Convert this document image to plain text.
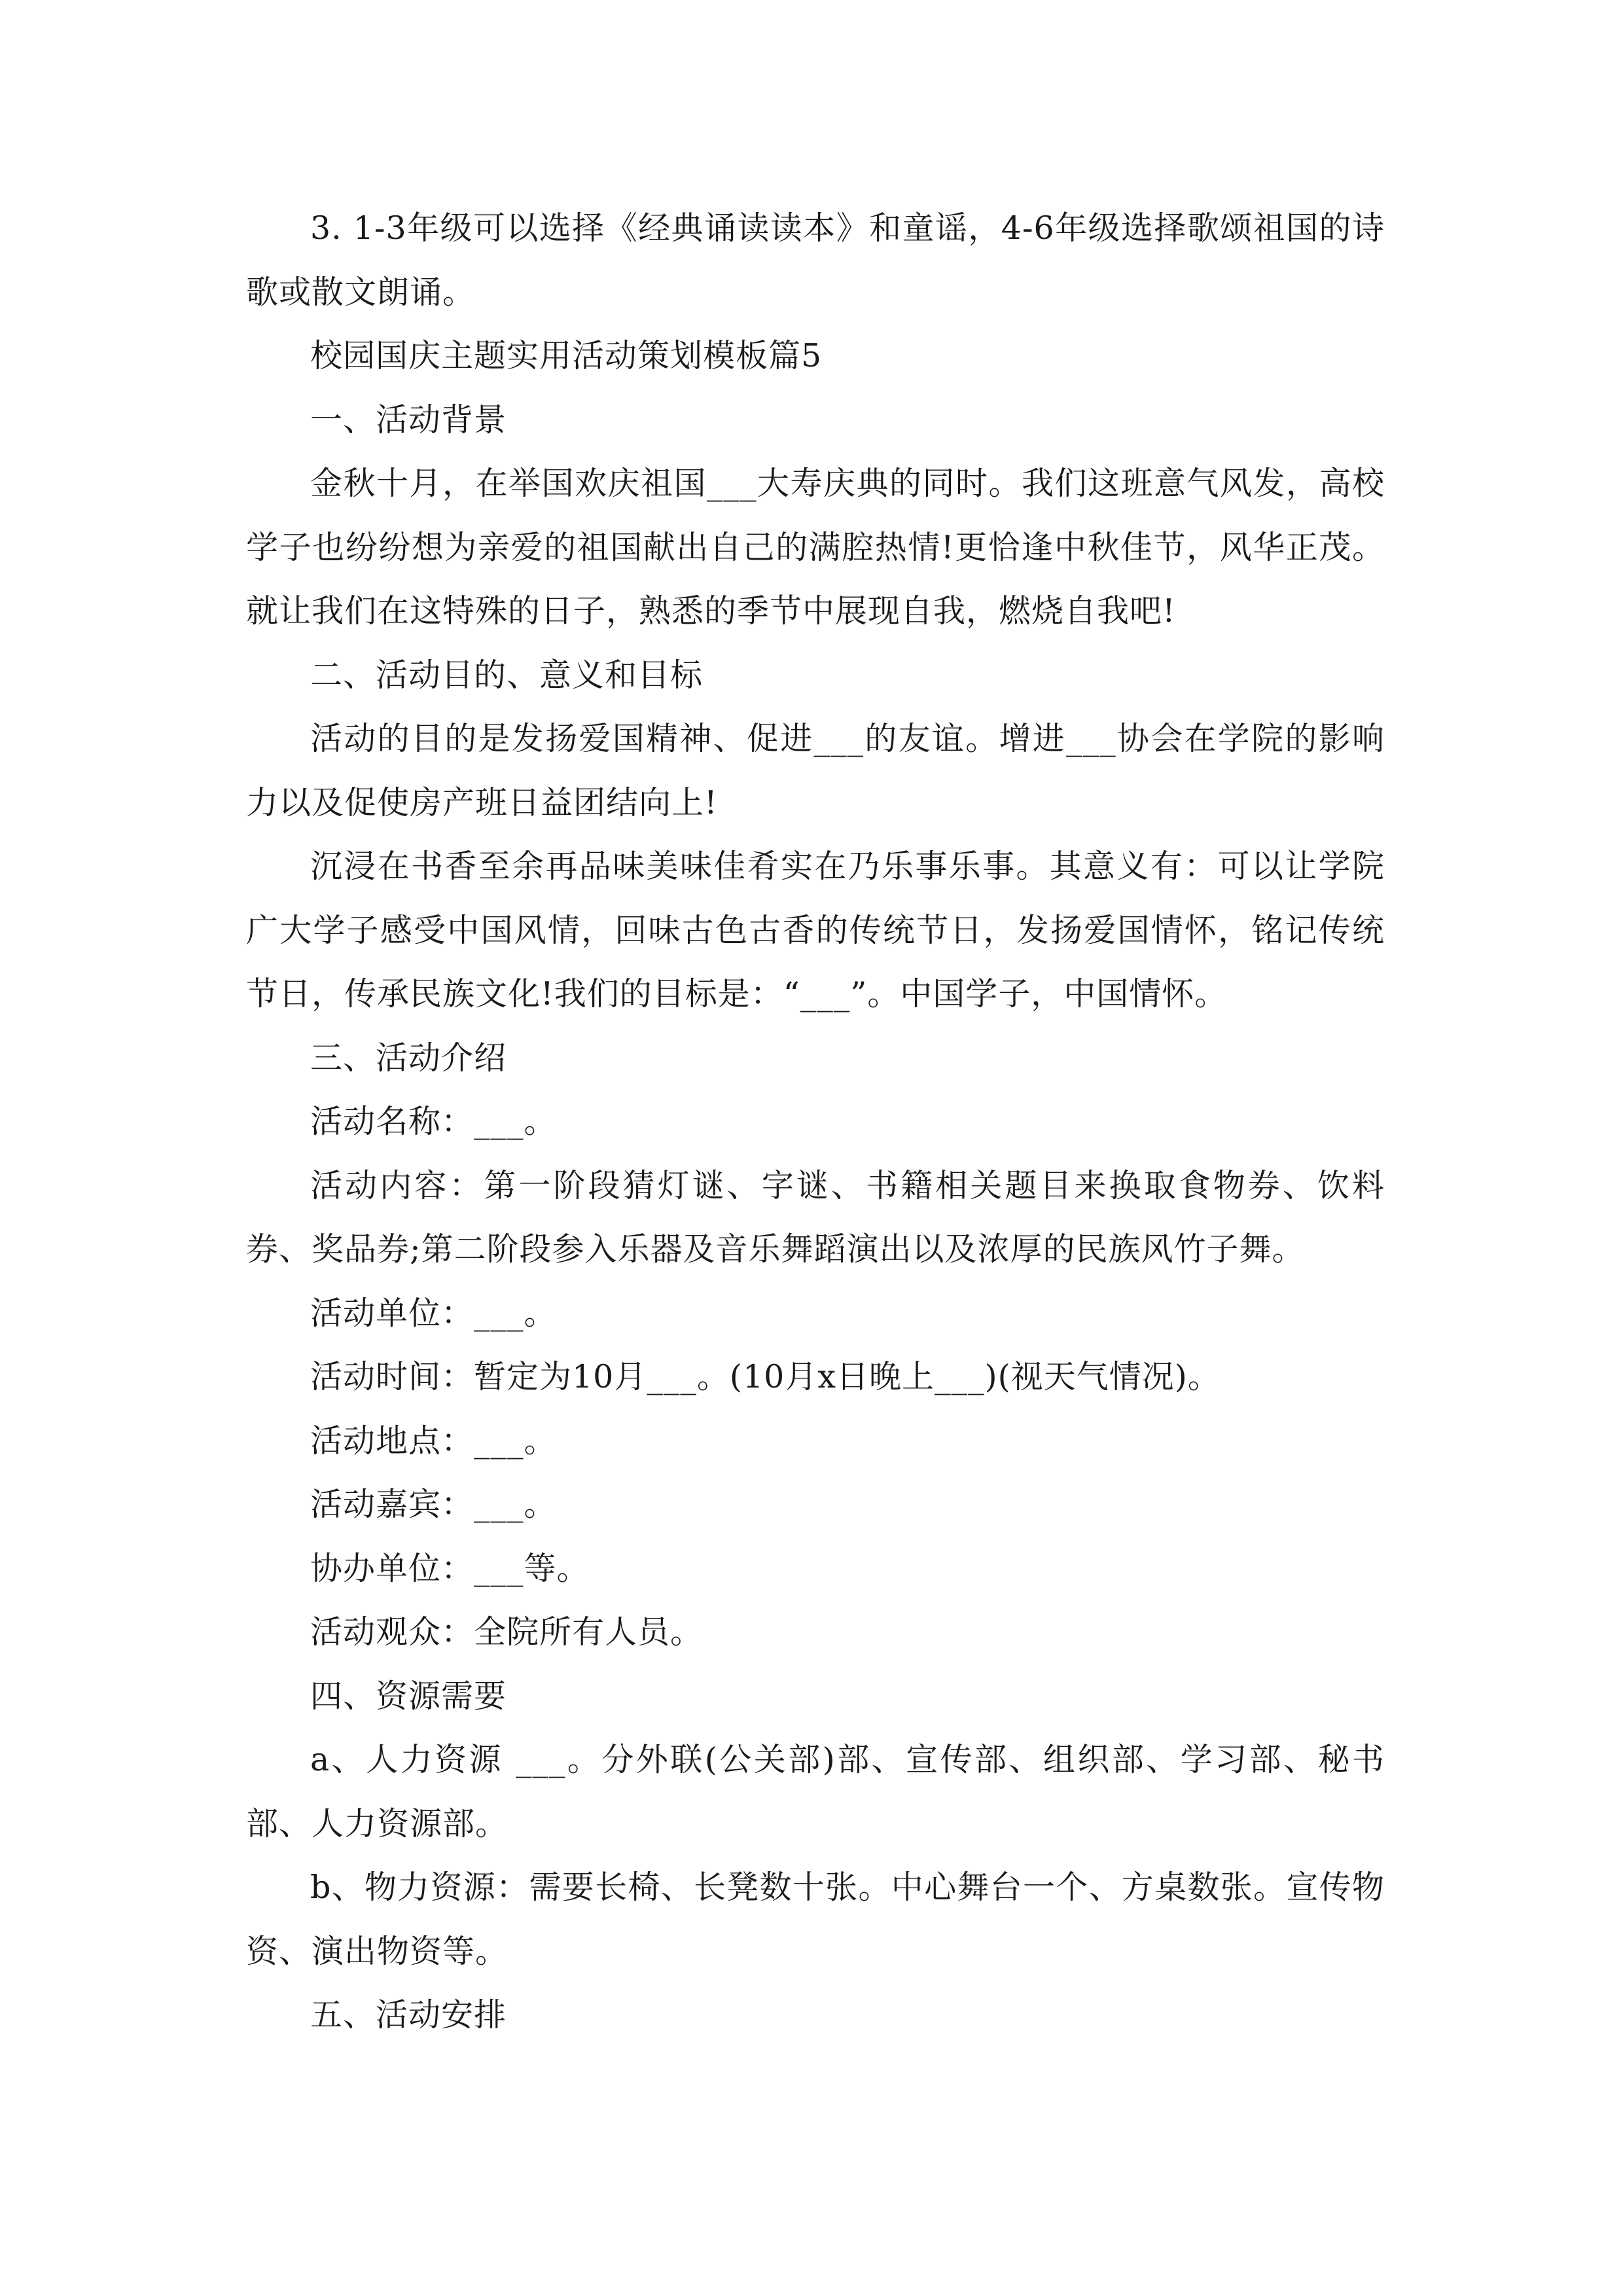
3. 1-3年级可以选择《经典诵读读本》和童谣，4-6年级选择歌颂祖国的诗歌或散文朗诵。

校园国庆主题实用活动策划模板篇5

一、活动背景

金秋十月，在举国欢庆祖国___大寿庆典的同时。我们这班意气风发，高校学子也纷纷想为亲爱的祖国献出自己的满腔热情!更恰逢中秋佳节，风华正茂。就让我们在这特殊的日子，熟悉的季节中展现自我，燃烧自我吧!

二、活动目的、意义和目标

活动的目的是发扬爱国精神、促进___的友谊。增进___协会在学院的影响力以及促使房产班日益团结向上!

沉浸在书香至余再品味美味佳肴实在乃乐事乐事。其意义有：可以让学院广大学子感受中国风情，回味古色古香的传统节日，发扬爱国情怀，铭记传统节日，传承民族文化!我们的目标是：“___”。中国学子，中国情怀。

三、活动介绍

活动名称：___。

活动内容：第一阶段猜灯谜、字谜、书籍相关题目来换取食物券、饮料券、奖品券;第二阶段参入乐器及音乐舞蹈演出以及浓厚的民族风竹子舞。

活动单位：___。

活动时间：暂定为10月___。(10月x日晚上___)(视天气情况)。

活动地点：___。

活动嘉宾：___。

协办单位：___等。

活动观众：全院所有人员。

四、资源需要

a、人力资源 ___。分外联(公关部)部、宣传部、组织部、学习部、秘书部、人力资源部。

b、物力资源：需要长椅、长凳数十张。中心舞台一个、方桌数张。宣传物资、演出物资等。

五、活动安排
